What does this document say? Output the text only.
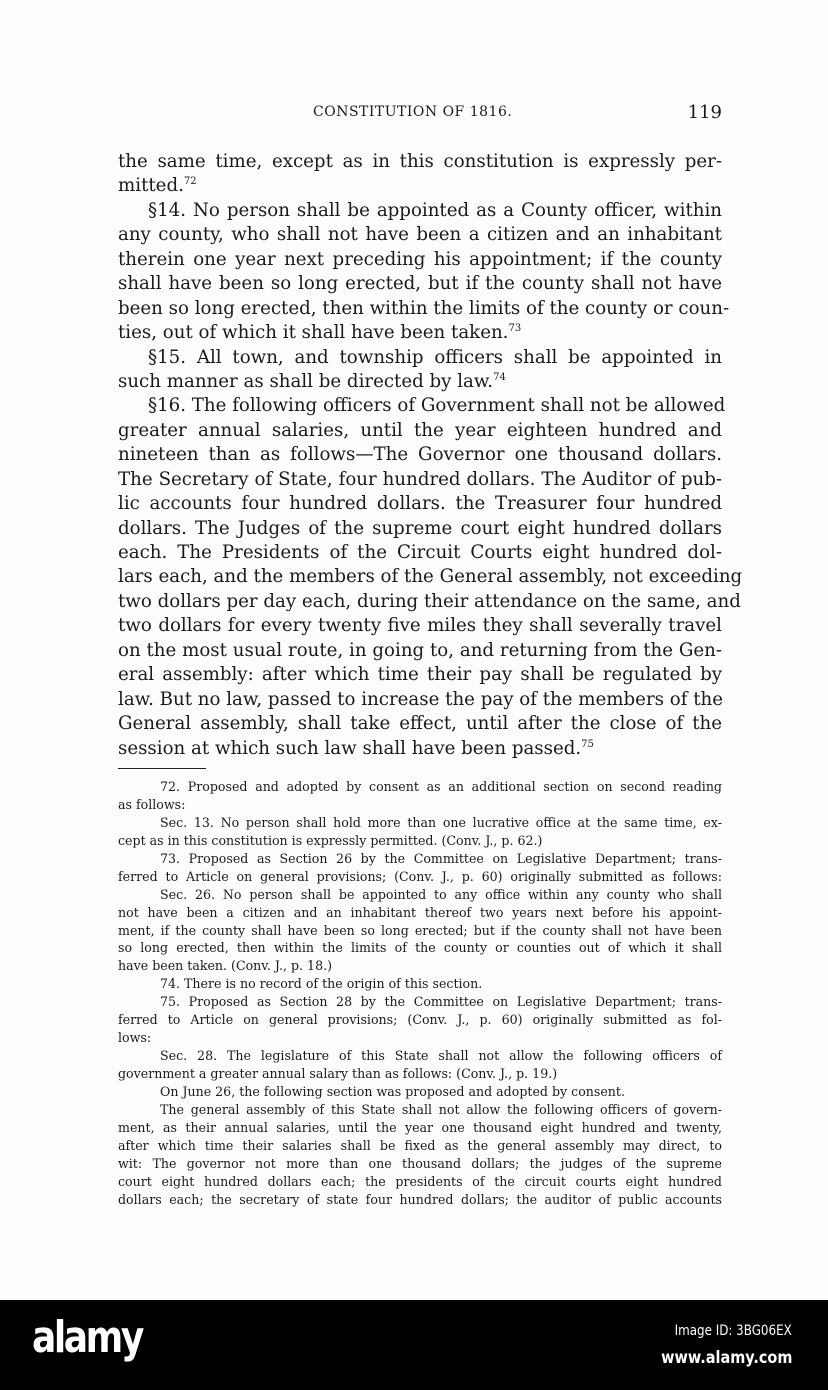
CONSTITUTION OF 1816.	119
the same time, except as in this constitution is expressly per-
mitted.$^{72}$
§14. No person shall be appointed as a County officer, within
any county, who shall not have been a citizen and an inhabitant
therein one year next preceding his appointment; if the county
shall have been so long erected, but if the county shall not have
been so long erected, then within the limits of the county or coun-
ties, out of which it shall have been taken.$^{73}$
§15. All town, and township officers shall be appointed in
such manner as shall be directed by law.$^{74}$
§16. The following officers of Government shall not be allowed
greater annual salaries, until the year eighteen hundred and
nineteen than as follows—The Governor one thousand dollars.
The Secretary of State, four hundred dollars. The Auditor of pub-
lic accounts four hundred dollars. the Treasurer four hundred
dollars. The Judges of the supreme court eight hundred dollars
each. The Presidents of the Circuit Courts eight hundred dol-
lars each, and the members of the General assembly, not exceeding
two dollars per day each, during their attendance on the same, and
two dollars for every twenty five miles they shall severally travel
on the most usual route, in going to, and returning from the Gen-
eral assembly: after which time their pay shall be regulated by
law. But no law, passed to increase the pay of the members of the
General assembly, shall take effect, until after the close of the
session at which such law shall have been passed.$^{75}$
72. Proposed and adopted by consent as an additional section on second reading
as follows:
Sec. 13. No person shall hold more than one lucrative office at the same time, ex-
cept as in this constitution is expressly permitted. (Conv. J., p. 62.)
73. Proposed as Section 26 by the Committee on Legislative Department; trans-
ferred to Article on general provisions; (Conv. J., p. 60) originally submitted as follows:
Sec. 26. No person shall be appointed to any office within any county who shall
not have been a citizen and an inhabitant thereof two years next before his appoint-
ment, if the county shall have been so long erected; but if the county shall not have been
so long erected, then within the limits of the county or counties out of which it shall
have been taken. (Conv. J., p. 18.)
74. There is no record of the origin of this section.
75. Proposed as Section 28 by the Committee on Legislative Department; trans-
ferred to Article on general provisions; (Conv. J., p. 60) originally submitted as fol-
lows:
Sec. 28. The legislature of this State shall not allow the following officers of
government a greater annual salary than as follows: (Conv. J., p. 19.)
On June 26, the following section was proposed and adopted by consent.
The general assembly of this State shall not allow the following officers of govern-
ment, as their annual salaries, until the year one thousand eight hundred and twenty,
after which time their salaries shall be fixed as the general assembly may direct, to
wit: The governor not more than one thousand dollars; the judges of the supreme
court eight hundred dollars each; the presidents of the circuit courts eight hundred
dollars each; the secretary of state four hundred dollars; the auditor of public accounts
alamy	Image ID: 3BG06EX
www.alamy.com
